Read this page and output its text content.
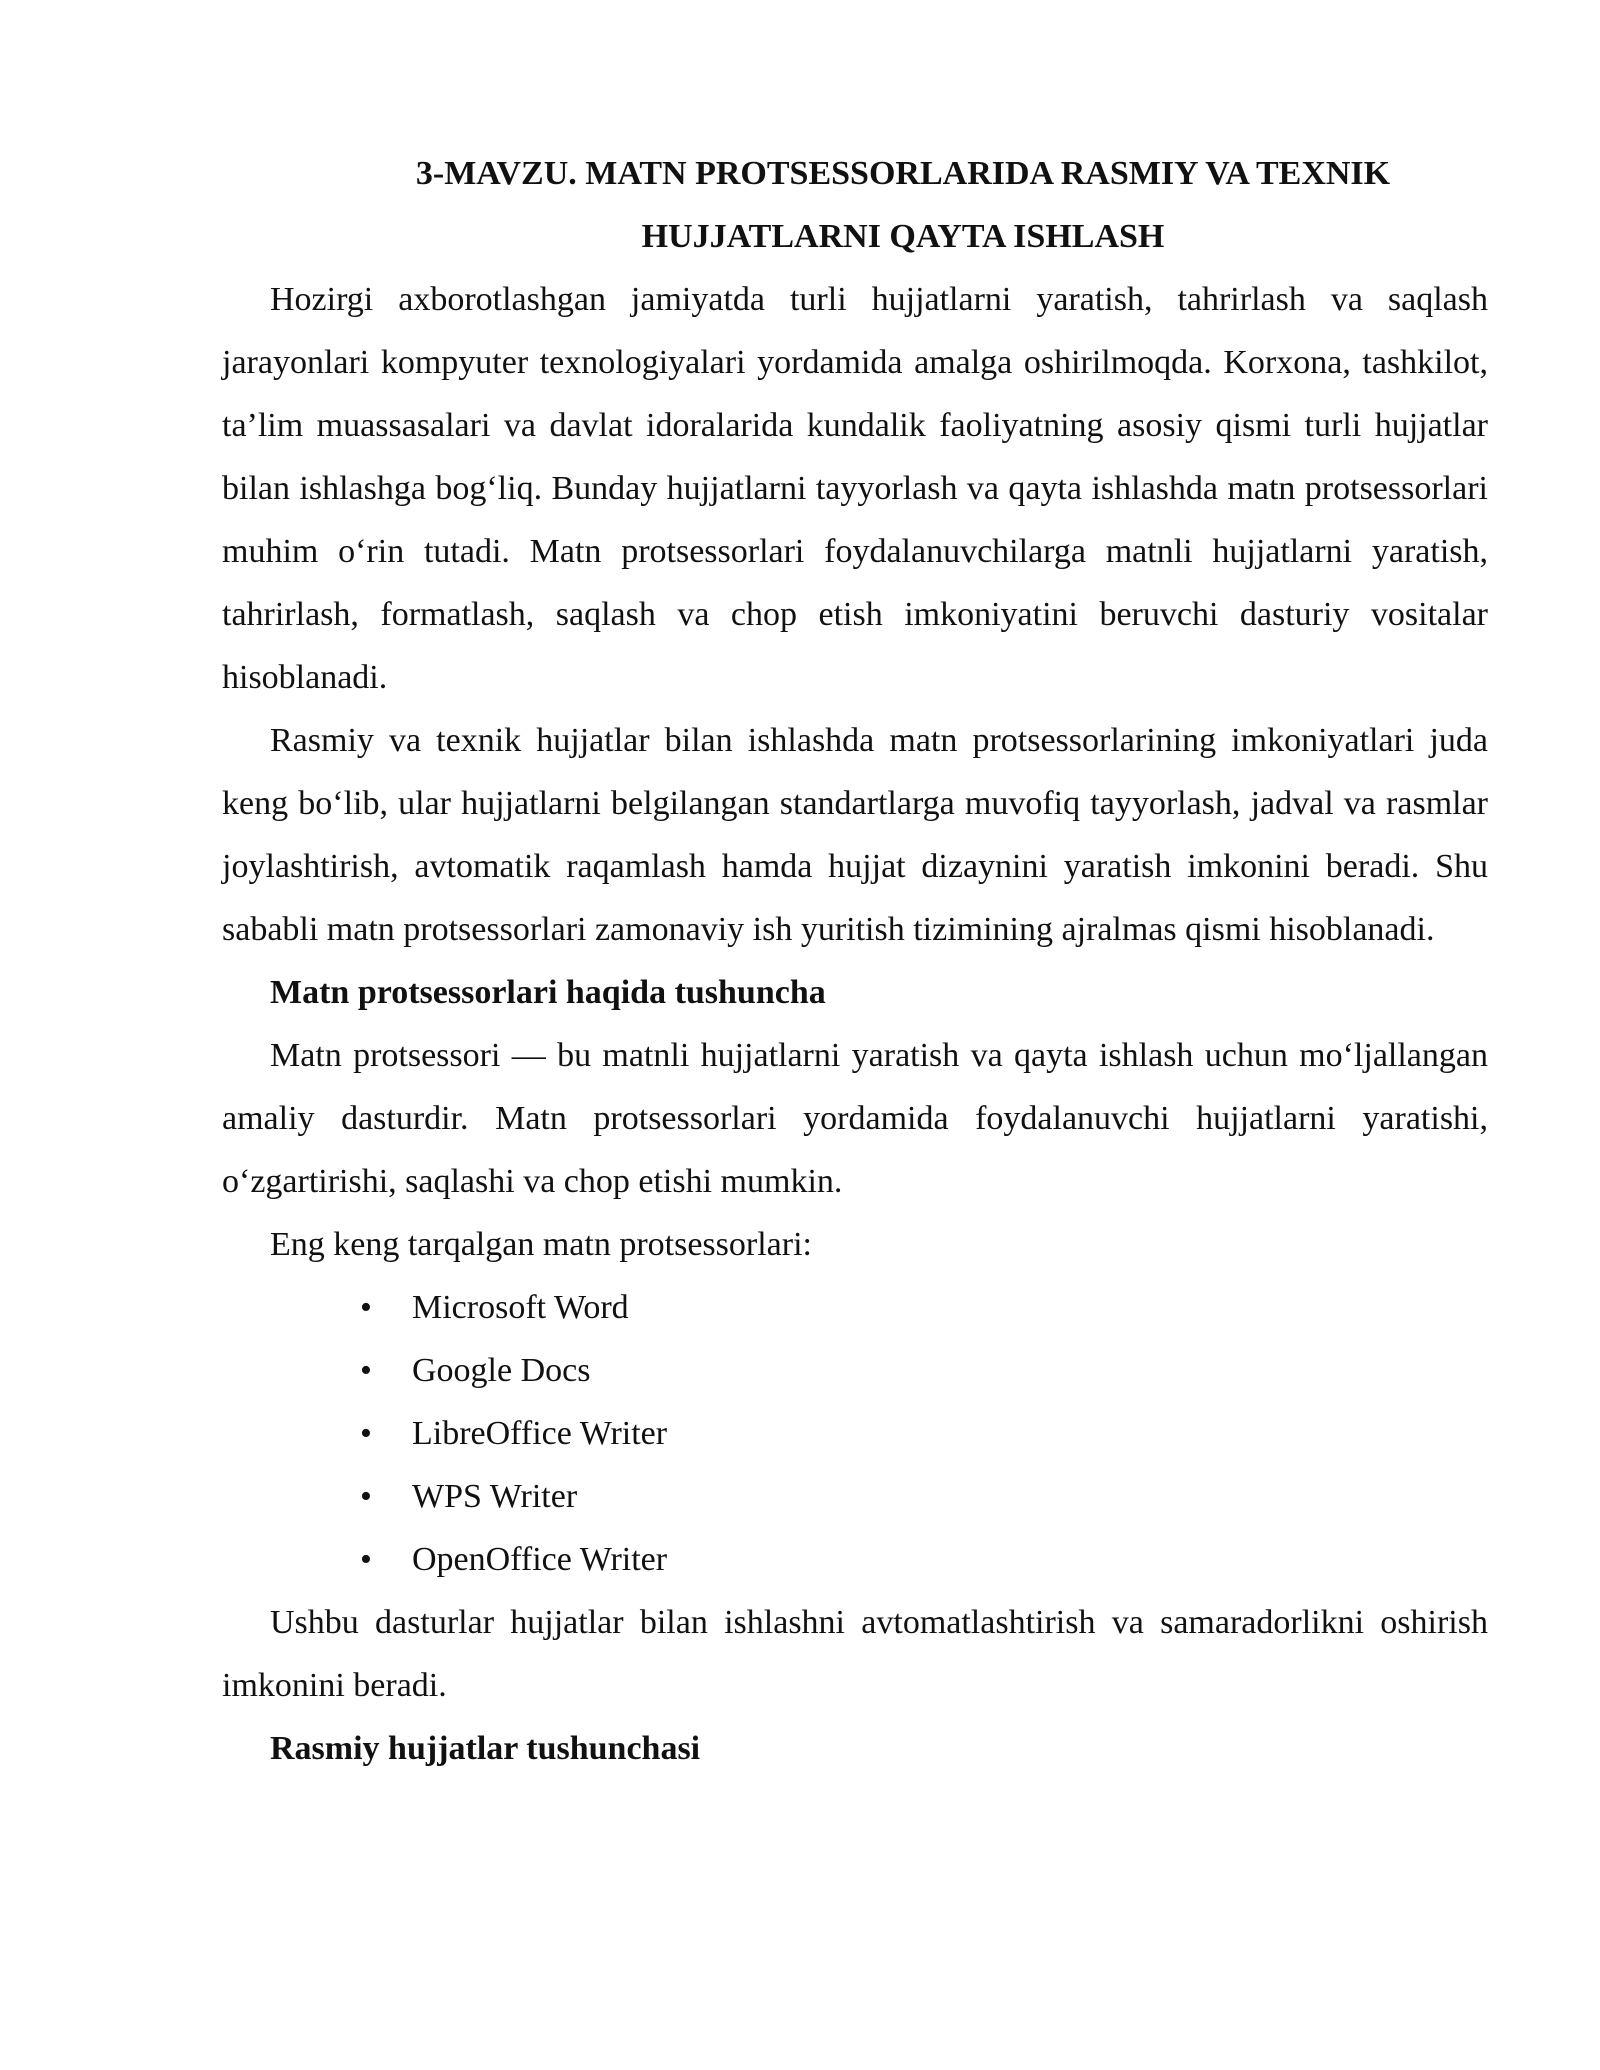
3-MAVZU. MATN PROTSESSORLARIDA RASMIY VA TEXNIK
HUJJATLARNI QAYTA ISHLASH

Hozirgi axborotlashgan jamiyatda turli hujjatlarni yaratish, tahrirlash va saqlash jarayonlari kompyuter texnologiyalari yordamida amalga oshirilmoqda. Korxona, tashkilot, ta’lim muassasalari va davlat idoralarida kundalik faoliyatning asosiy qismi turli hujjatlar bilan ishlashga bog‘liq. Bunday hujjatlarni tayyorlash va qayta ishlashda matn protsessorlari muhim o‘rin tutadi. Matn protsessorlari foydalanuvchilarga matnli hujjatlarni yaratish, tahrirlash, formatlash, saqlash va chop etish imkoniyatini beruvchi dasturiy vositalar hisoblanadi.

Rasmiy va texnik hujjatlar bilan ishlashda matn protsessorlarining imkoniyatlari juda keng bo‘lib, ular hujjatlarni belgilangan standartlarga muvofiq tayyorlash, jadval va rasmlar joylashtirish, avtomatik raqamlash hamda hujjat dizaynini yaratish imkonini beradi. Shu sababli matn protsessorlari zamonaviy ish yuritish tizimining ajralmas qismi hisoblanadi.

Matn protsessorlari haqida tushuncha

Matn protsessori — bu matnli hujjatlarni yaratish va qayta ishlash uchun mo‘ljallangan amaliy dasturdir. Matn protsessorlari yordamida foydalanuvchi hujjatlarni yaratishi, o‘zgartirishi, saqlashi va chop etishi mumkin.

Eng keng tarqalgan matn protsessorlari:

• Microsoft Word
• Google Docs
• LibreOffice Writer
• WPS Writer
• OpenOffice Writer

Ushbu dasturlar hujjatlar bilan ishlashni avtomatlashtirish va samaradorlikni oshirish imkonini beradi.

Rasmiy hujjatlar tushunchasi
